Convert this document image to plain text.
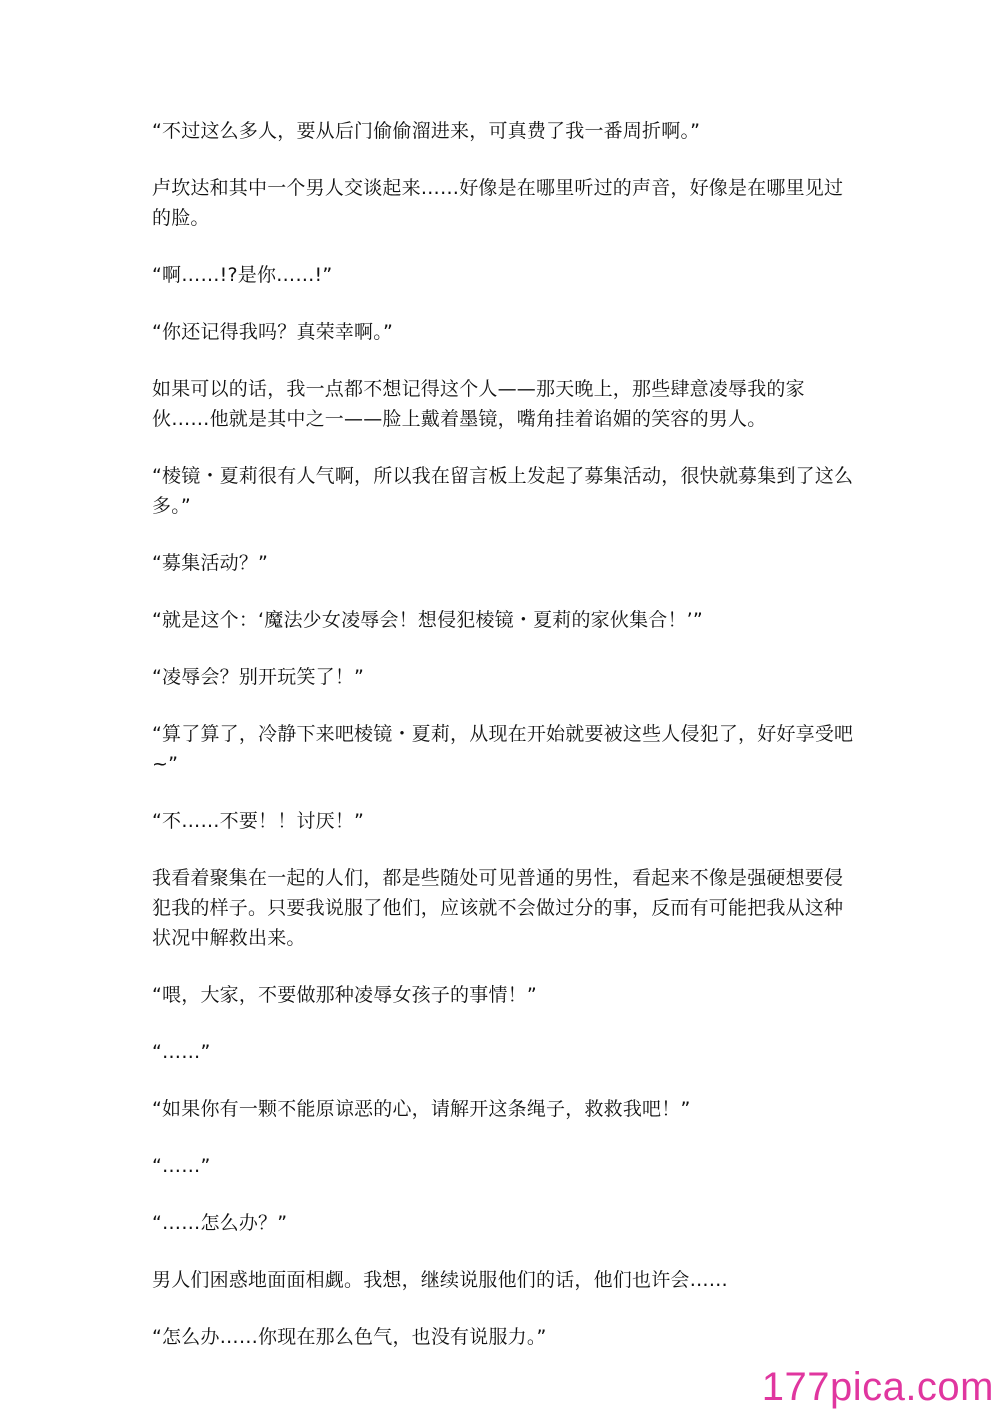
“不过这么多人，要从后门偷偷溜进来，可真费了我一番周折啊。”

卢坎达和其中一个男人交谈起来……好像是在哪里听过的声音，好像是在哪里见过的脸。

“啊……!?是你……!”

“你还记得我吗？真荣幸啊。”

如果可以的话，我一点都不想记得这个人——那天晚上，那些肆意凌辱我的家伙……他就是其中之一——脸上戴着墨镜，嘴角挂着谄媚的笑容的男人。

“棱镜・夏莉很有人气啊，所以我在留言板上发起了募集活动，很快就募集到了这么多。”

“募集活动？”

“就是这个：‘魔法少女凌辱会！想侵犯棱镜・夏莉的家伙集合！’”

“凌辱会？别开玩笑了！”

“算了算了，冷静下来吧棱镜・夏莉，从现在开始就要被这些人侵犯了，好好享受吧~”

“不……不要！！讨厌！”

我看着聚集在一起的人们，都是些随处可见普通的男性，看起来不像是强硬想要侵犯我的样子。只要我说服了他们，应该就不会做过分的事，反而有可能把我从这种状况中解救出来。

“喂，大家，不要做那种凌辱女孩子的事情！”

“……”

“如果你有一颗不能原谅恶的心，请解开这条绳子，救救我吧！”

“……”

“……怎么办？”

男人们困惑地面面相觑。我想，继续说服他们的话，他们也许会……

“怎么办……你现在那么色气，也没有说服力。”

177pica.com
